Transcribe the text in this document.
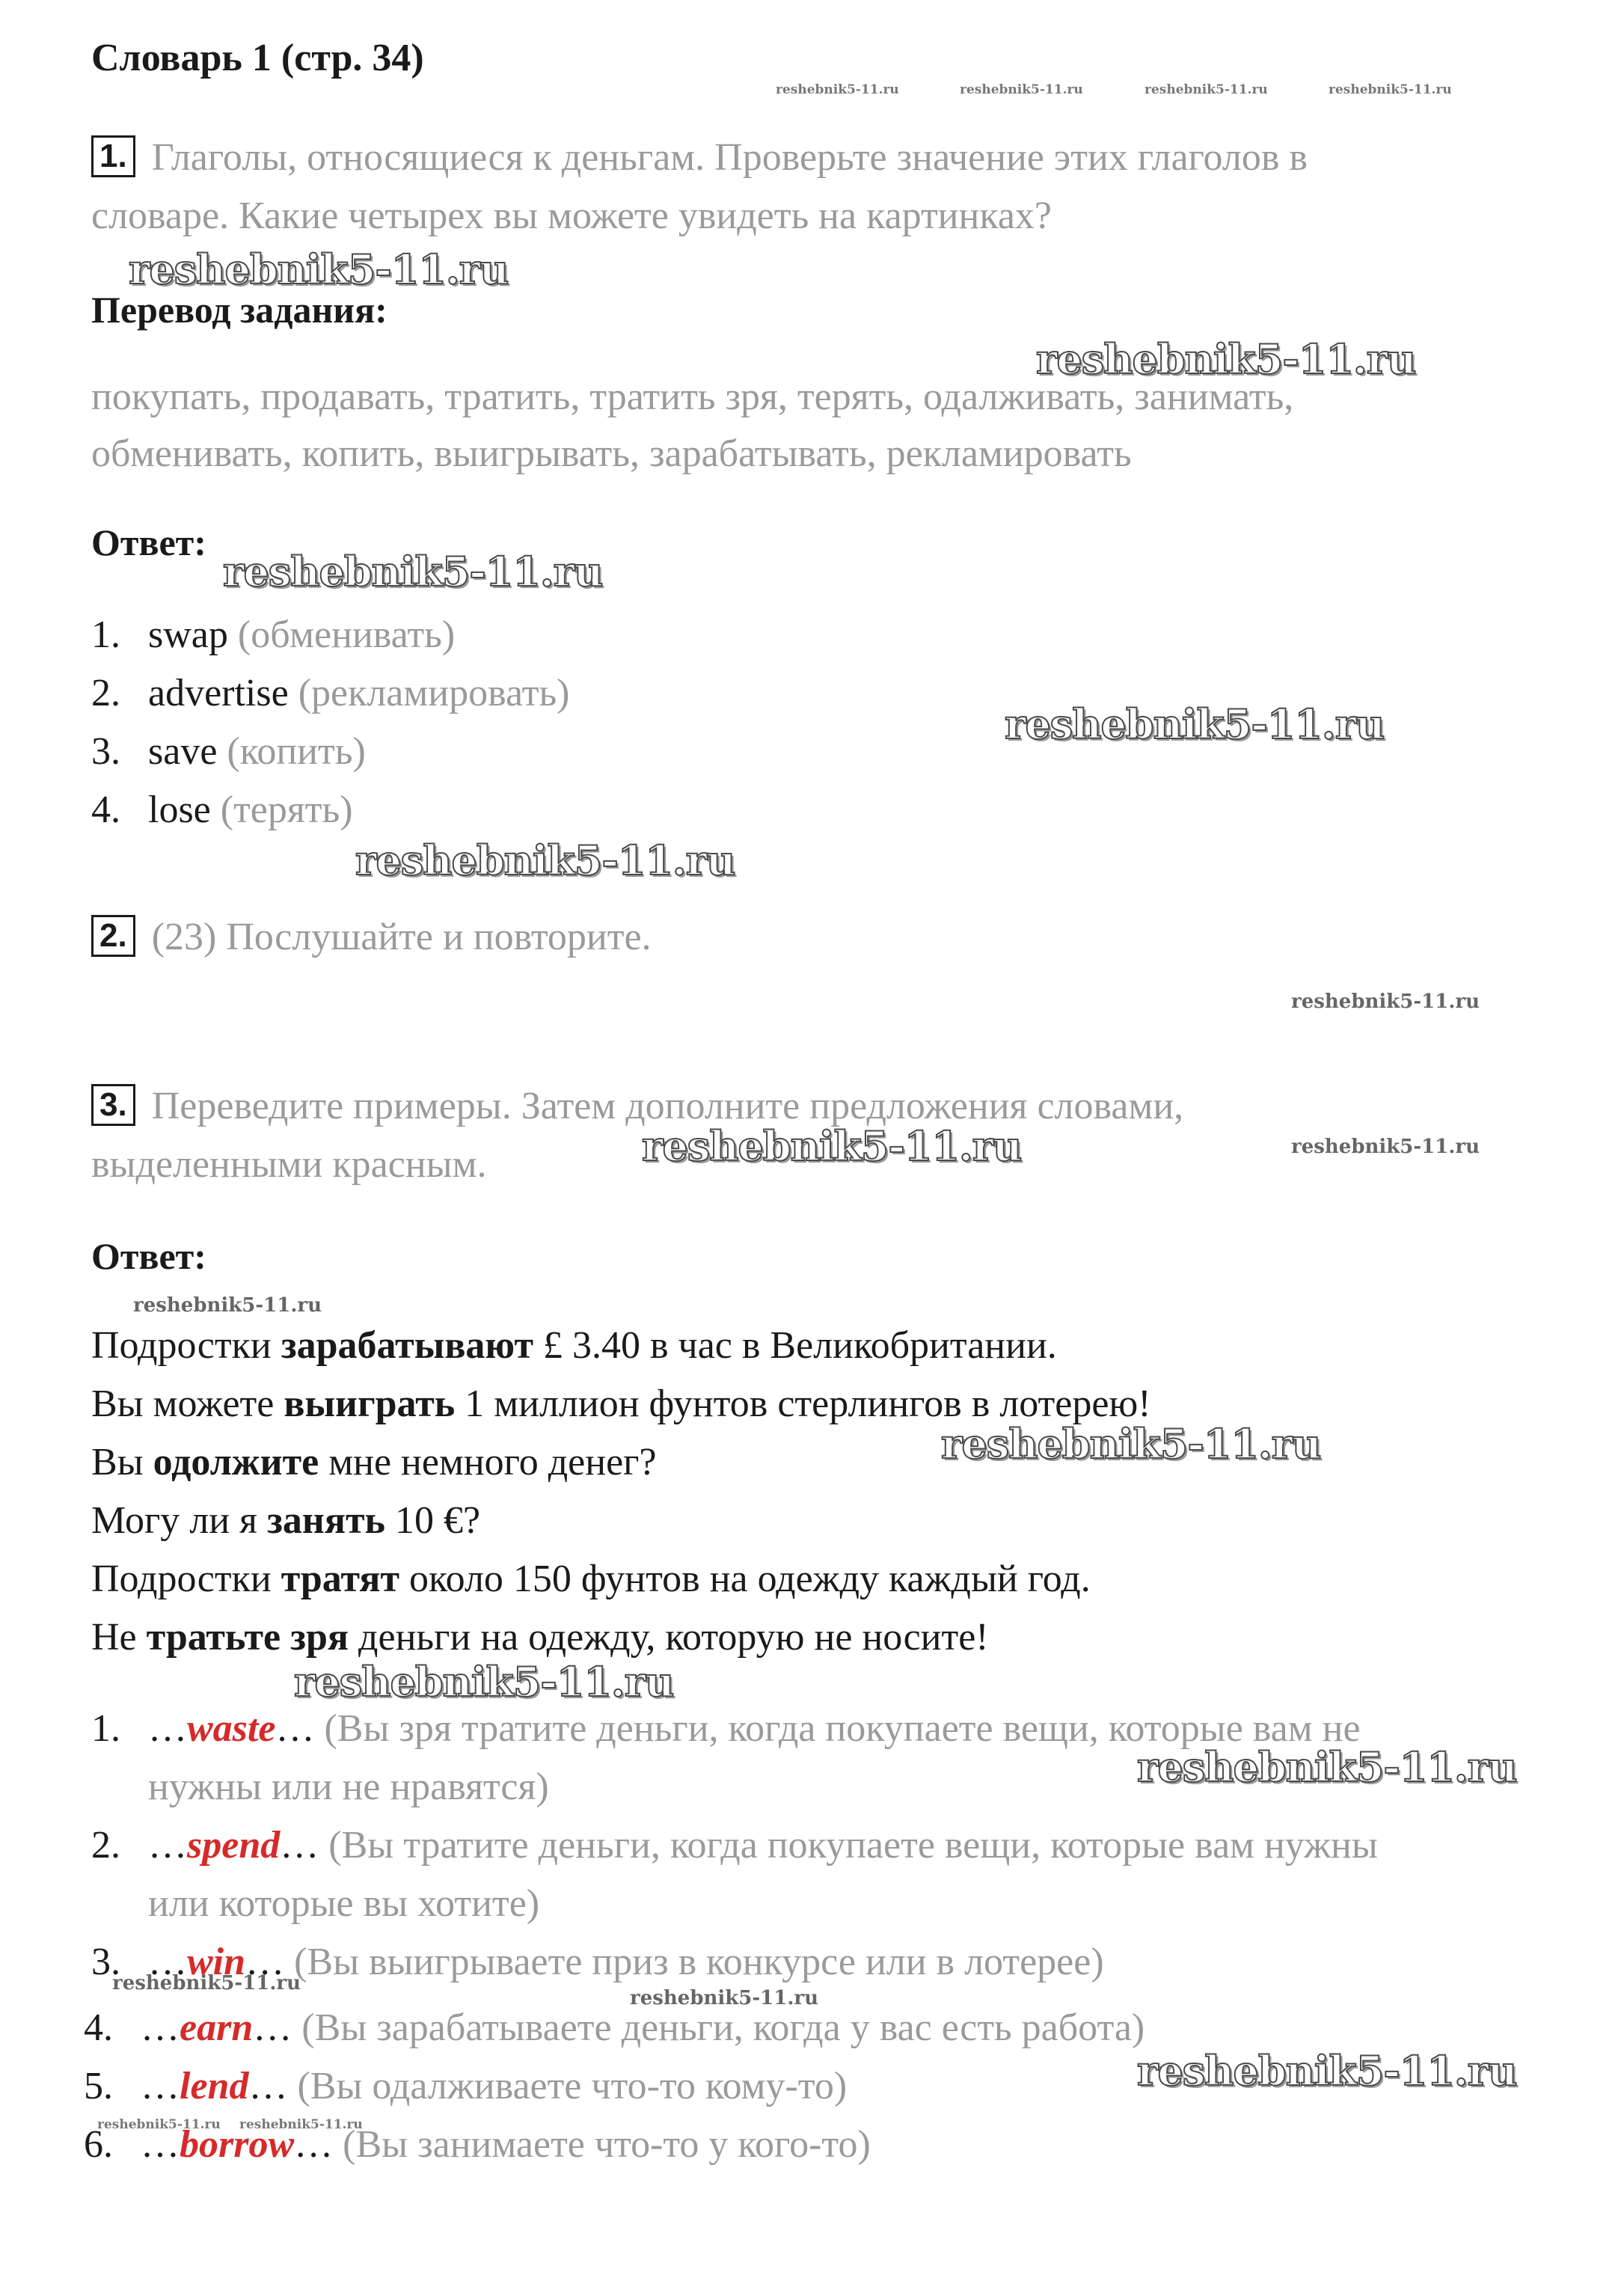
Словарь 1 (стр. 34)
reshebnik5-11.ru	reshebnik5-11.ru	reshebnik5-11.ru	reshebnik5-11.ru
1. Глаголы, относящиеся к деньгам. Проверьте значение этих глаголов в
словаре. Какие четырех вы можете увидеть на картинках?
reshebnik5-11.ru
Перевод задания:
reshebnik5-11.ru
покупать, продавать, тратить, тратить зря, терять, одалживать, занимать,
обменивать, копить, выигрывать, зарабатывать, рекламировать
Ответ:
reshebnik5-11.ru
1. swap (обменивать)
2. advertise (рекламировать)
3. save (копить)
4. lose (терять)
reshebnik5-11.ru
reshebnik5-11.ru
2. (23) Послушайте и повторите.
reshebnik5-11.ru
3. Переведите примеры. Затем дополните предложения словами,
выделенными красным.	reshebnik5-11.ru	reshebnik5-11.ru
Ответ:
reshebnik5-11.ru
Подростки зарабатывают £ 3.40 в час в Великобритании.
Вы можете выиграть 1 миллион фунтов стерлингов в лотерею!
Вы одолжите мне немного денег?
Могу ли я занять 10 €?
Подростки тратят около 150 фунтов на одежду каждый год.
Не тратьте зря деньги на одежду, которую не носите!
reshebnik5-11.ru
reshebnik5-11.ru
1. …waste… (Вы зря тратите деньги, когда покупаете вещи, которые вам не
нужны или не нравятся)	reshebnik5-11.ru
2. …spend… (Вы тратите деньги, когда покупаете вещи, которые вам нужны
или которые вы хотите)
3. …win… (Вы выигрываете приз в конкурсе или в лотерее)
reshebnik5-11.ru
reshebnik5-11.ru
4. …earn… (Вы зарабатываете деньги, когда у вас есть работа)
5. …lend… (Вы одалживаете что-то кому-то)	reshebnik5-11.ru
reshebnik5-11.ru reshebnik5-11.ru
6. …borrow… (Вы занимаете что-то у кого-то)
